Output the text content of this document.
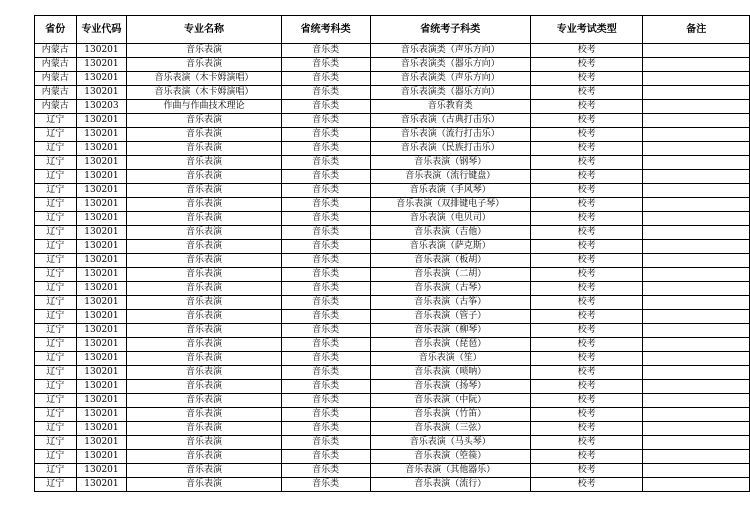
省份	专业代码	专业名称	省统考科类	省统考子科类	专业考试类型	备注
内蒙古	130201	音乐表演	音乐类	音乐表演类（声乐方向）	校考	
内蒙古	130201	音乐表演	音乐类	音乐表演类（器乐方向）	校考	
内蒙古	130201	音乐表演（木卡姆演唱）	音乐类	音乐表演类（声乐方向）	校考	
内蒙古	130201	音乐表演（木卡姆演唱）	音乐类	音乐表演类（器乐方向）	校考	
内蒙古	130203	作曲与作曲技术理论	音乐类	音乐教育类	校考	
辽宁	130201	音乐表演	音乐类	音乐表演（古典打击乐）	校考	
辽宁	130201	音乐表演	音乐类	音乐表演（流行打击乐）	校考	
辽宁	130201	音乐表演	音乐类	音乐表演（民族打击乐）	校考	
辽宁	130201	音乐表演	音乐类	音乐表演（钢琴）	校考	
辽宁	130201	音乐表演	音乐类	音乐表演（流行键盘）	校考	
辽宁	130201	音乐表演	音乐类	音乐表演（手风琴）	校考	
辽宁	130201	音乐表演	音乐类	音乐表演（双排键电子琴）	校考	
辽宁	130201	音乐表演	音乐类	音乐表演（电贝司）	校考	
辽宁	130201	音乐表演	音乐类	音乐表演（吉他）	校考	
辽宁	130201	音乐表演	音乐类	音乐表演（萨克斯）	校考	
辽宁	130201	音乐表演	音乐类	音乐表演（板胡）	校考	
辽宁	130201	音乐表演	音乐类	音乐表演（二胡）	校考	
辽宁	130201	音乐表演	音乐类	音乐表演（古琴）	校考	
辽宁	130201	音乐表演	音乐类	音乐表演（古筝）	校考	
辽宁	130201	音乐表演	音乐类	音乐表演（管子）	校考	
辽宁	130201	音乐表演	音乐类	音乐表演（柳琴）	校考	
辽宁	130201	音乐表演	音乐类	音乐表演（琵琶）	校考	
辽宁	130201	音乐表演	音乐类	音乐表演（笙）	校考	
辽宁	130201	音乐表演	音乐类	音乐表演（唢呐）	校考	
辽宁	130201	音乐表演	音乐类	音乐表演（扬琴）	校考	
辽宁	130201	音乐表演	音乐类	音乐表演（中阮）	校考	
辽宁	130201	音乐表演	音乐类	音乐表演（竹笛）	校考	
辽宁	130201	音乐表演	音乐类	音乐表演（三弦）	校考	
辽宁	130201	音乐表演	音乐类	音乐表演（马头琴）	校考	
辽宁	130201	音乐表演	音乐类	音乐表演（箜篌）	校考	
辽宁	130201	音乐表演	音乐类	音乐表演（其他器乐）	校考	
辽宁	130201	音乐表演	音乐类	音乐表演（流行）	校考	
